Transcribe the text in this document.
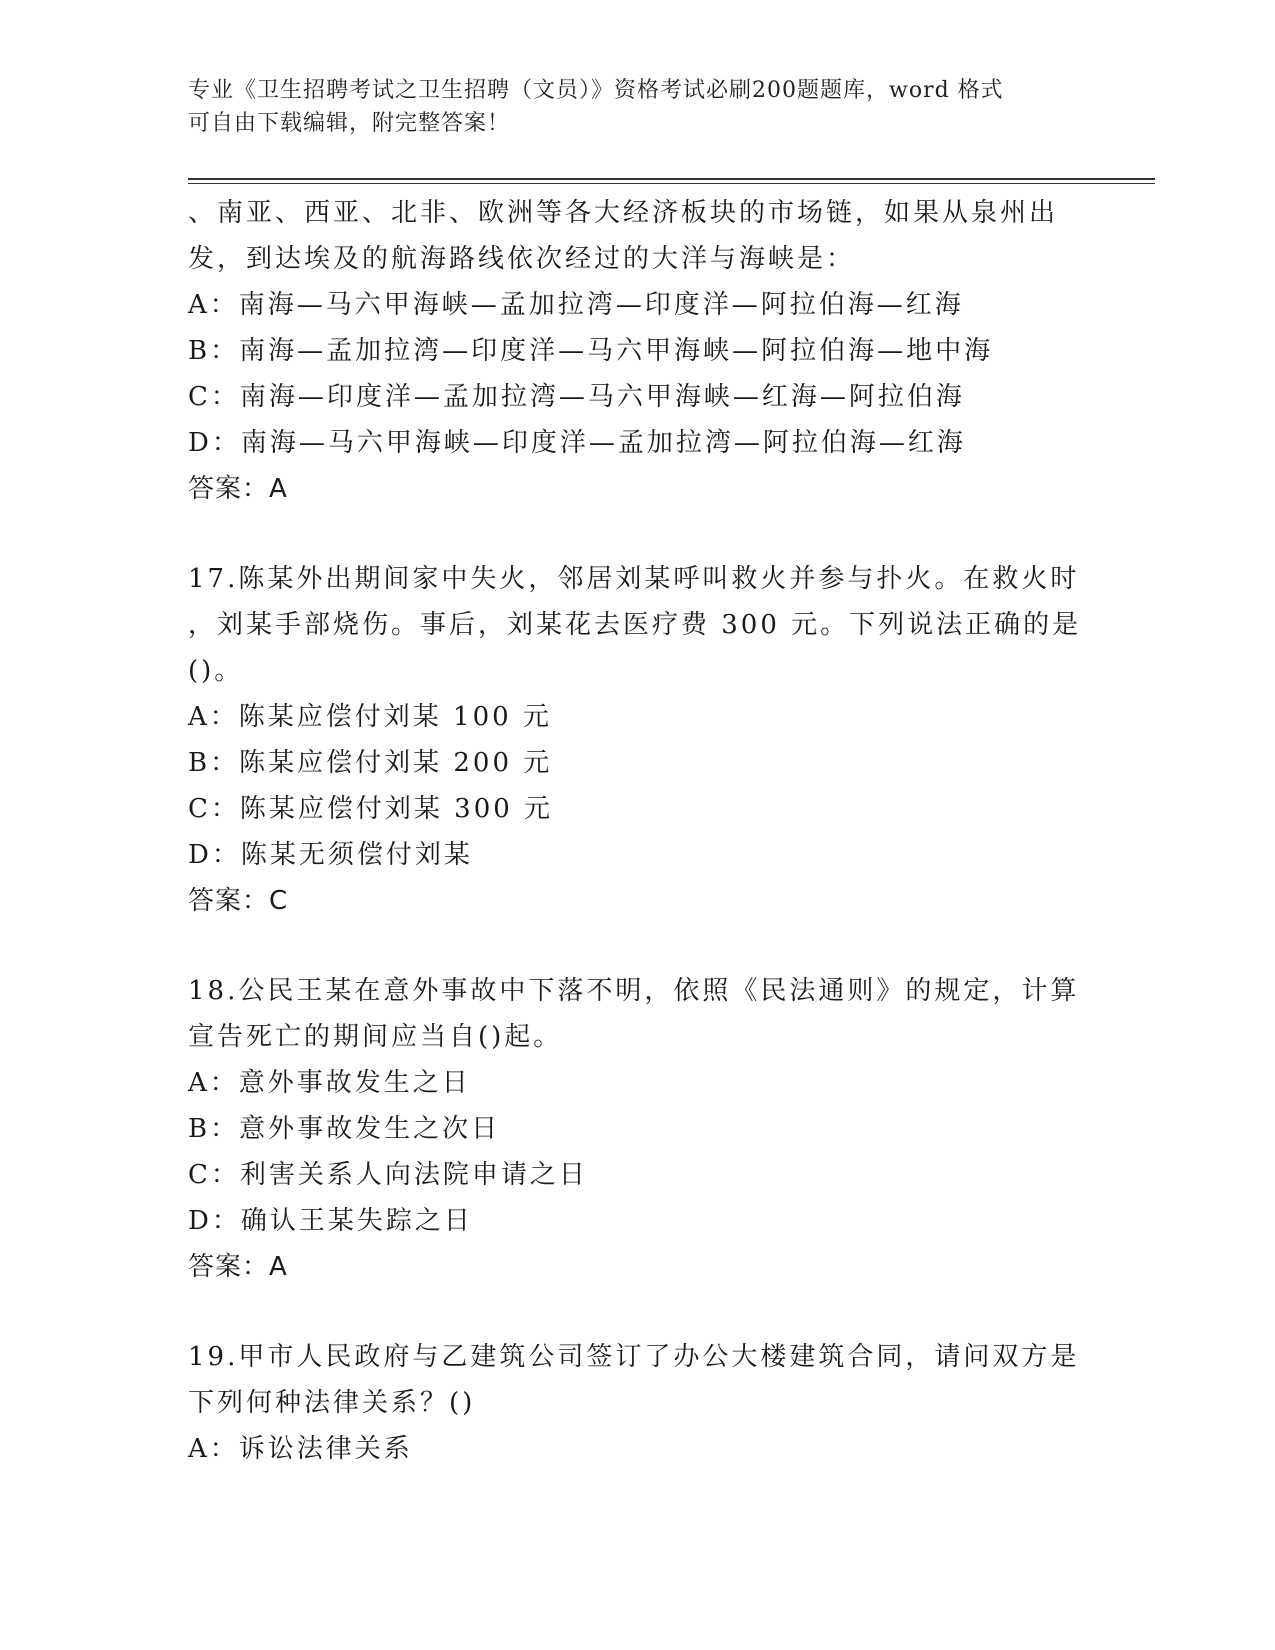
专业《卫生招聘考试之卫生招聘（文员）》资格考试必刷200题题库，word 格式
可自由下载编辑，附完整答案！
、南亚、西亚、北非、欧洲等各大经济板块的市场链，如果从泉州出
发，到达埃及的航海路线依次经过的大洋与海峡是：
A：南海—马六甲海峡—孟加拉湾—印度洋—阿拉伯海—红海
B：南海—孟加拉湾—印度洋—马六甲海峡—阿拉伯海—地中海
C：南海—印度洋—孟加拉湾—马六甲海峡—红海—阿拉伯海
D：南海—马六甲海峡—印度洋—孟加拉湾—阿拉伯海—红海
答案：A
17.陈某外出期间家中失火，邻居刘某呼叫救火并参与扑火。在救火时
，刘某手部烧伤。事后，刘某花去医疗费 300 元。下列说法正确的是
()。
A：陈某应偿付刘某 100 元
B：陈某应偿付刘某 200 元
C：陈某应偿付刘某 300 元
D：陈某无须偿付刘某
答案：C
18.公民王某在意外事故中下落不明，依照《民法通则》的规定，计算
宣告死亡的期间应当自()起。
A：意外事故发生之日
B：意外事故发生之次日
C：利害关系人向法院申请之日
D：确认王某失踪之日
答案：A
19.甲市人民政府与乙建筑公司签订了办公大楼建筑合同，请问双方是
下列何种法律关系？()
A：诉讼法律关系
